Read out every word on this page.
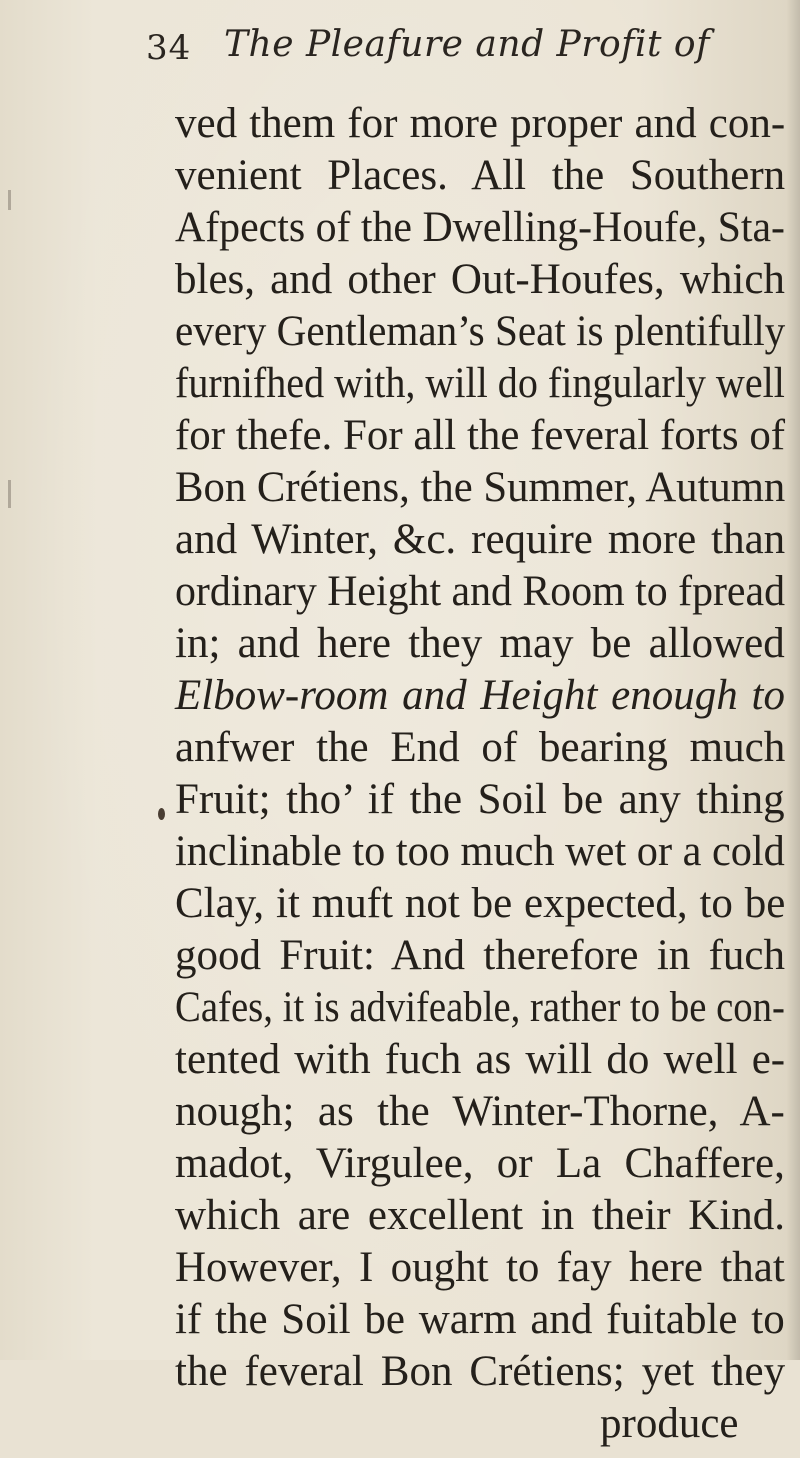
34 The Pleafure and Profit of
ved them for more proper and con-
venient Places. All the Southern
Afpects of the Dwelling-Houfe, Sta-
bles, and other Out-Houfes, which
every Gentleman’s Seat is plentifully
furnifhed with, will do fingularly well
for thefe. For all the feveral forts of
Bon Crétiens, the Summer, Autumn
and Winter, &c. require more than
ordinary Height and Room to fpread
in; and here they may be allowed
Elbow-room and Height enough to
anfwer the End of bearing much
Fruit; tho’ if the Soil be any thing
inclinable to too much wet or a cold
Clay, it muft not be expected, to be
good Fruit: And therefore in fuch
Cafes, it is advifeable, rather to be con-
tented with fuch as will do well e-
nough; as the Winter-Thorne, A-
madot, Virgulee, or La Chaffere,
which are excellent in their Kind.
However, I ought to fay here that
if the Soil be warm and fuitable to
the feveral Bon Crétiens; yet they
produce
